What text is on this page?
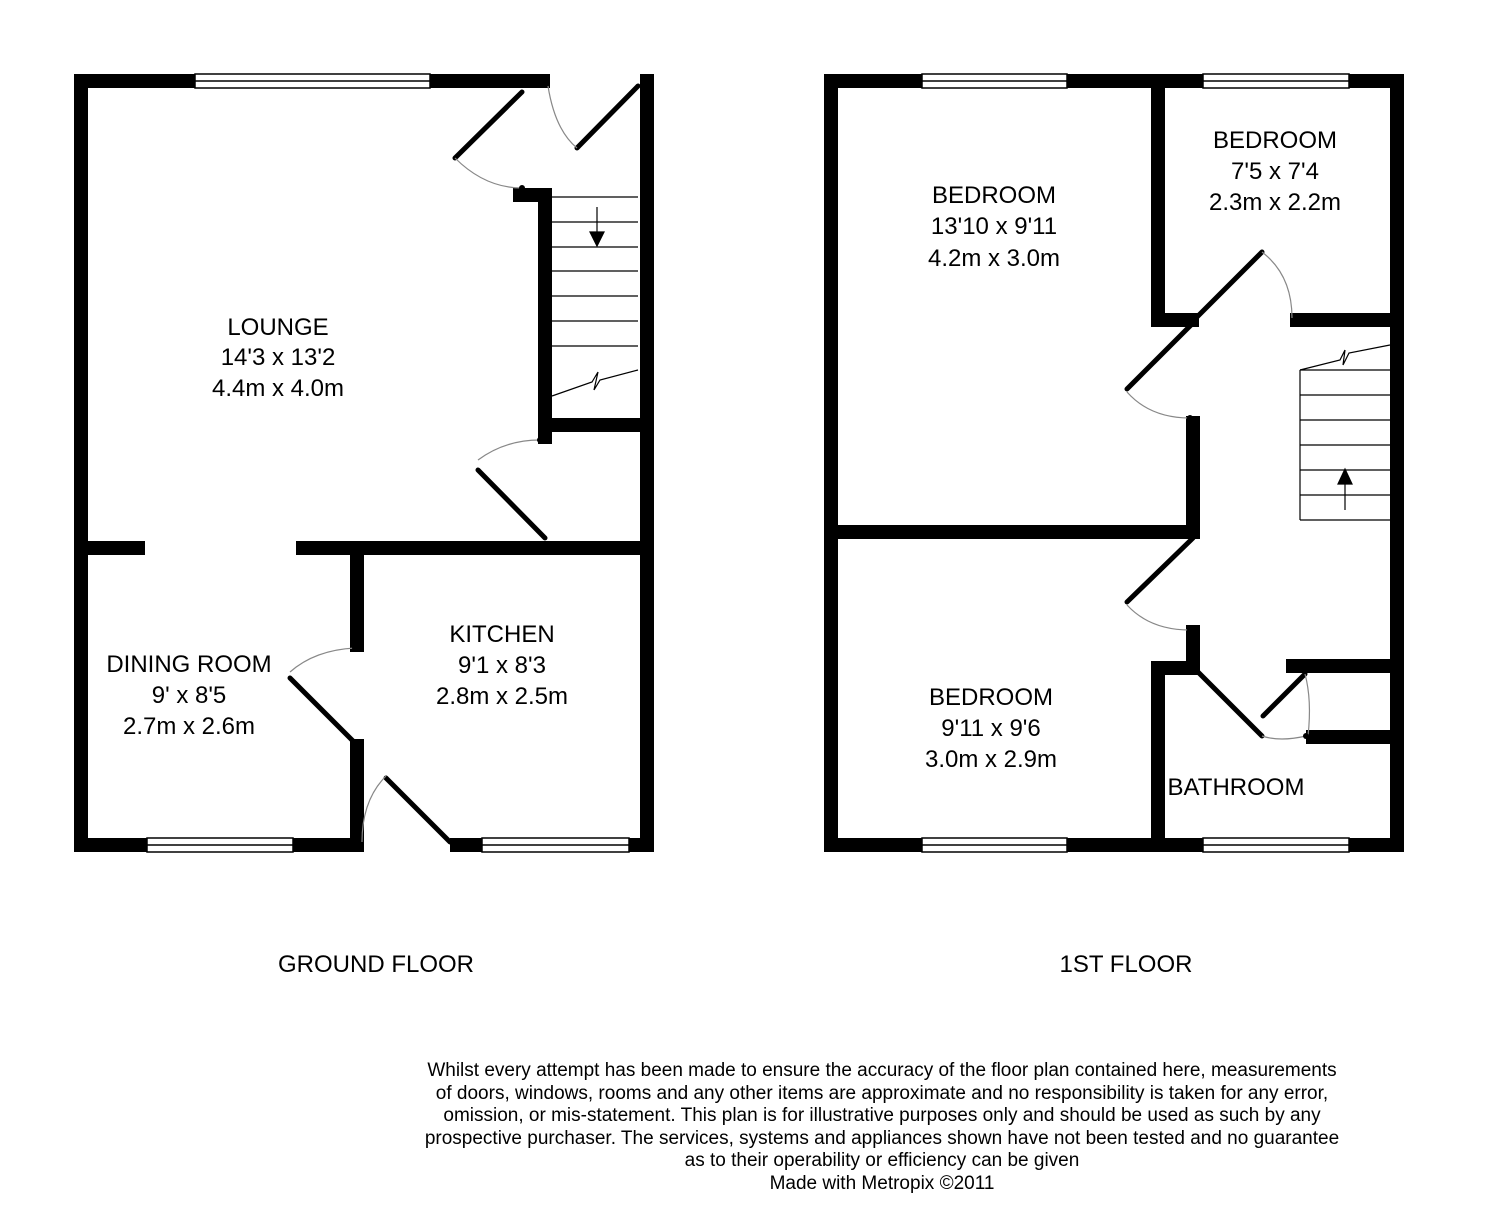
LOUNGE
14'3 x 13'2
4.4m x 4.0m
DINING ROOM
9' x 8'5
2.7m x 2.6m
KITCHEN
9'1 x 8'3
2.8m x 2.5m
GROUND FLOOR
BEDROOM
13'10 x 9'11
4.2m x 3.0m
BEDROOM
7'5 x 7'4
2.3m x 2.2m
BEDROOM
9'11 x 9'6
3.0m x 2.9m
BATHROOM
1ST FLOOR
Whilst every attempt has been made to ensure the accuracy of the floor plan contained here, measurements
of doors, windows, rooms and any other items are approximate and no responsibility is taken for any error,
omission, or mis-statement. This plan is for illustrative purposes only and should be used as such by any
prospective purchaser. The services, systems and appliances shown have not been tested and no guarantee
as to their operability or efficiency can be given
Made with Metropix ©2011
